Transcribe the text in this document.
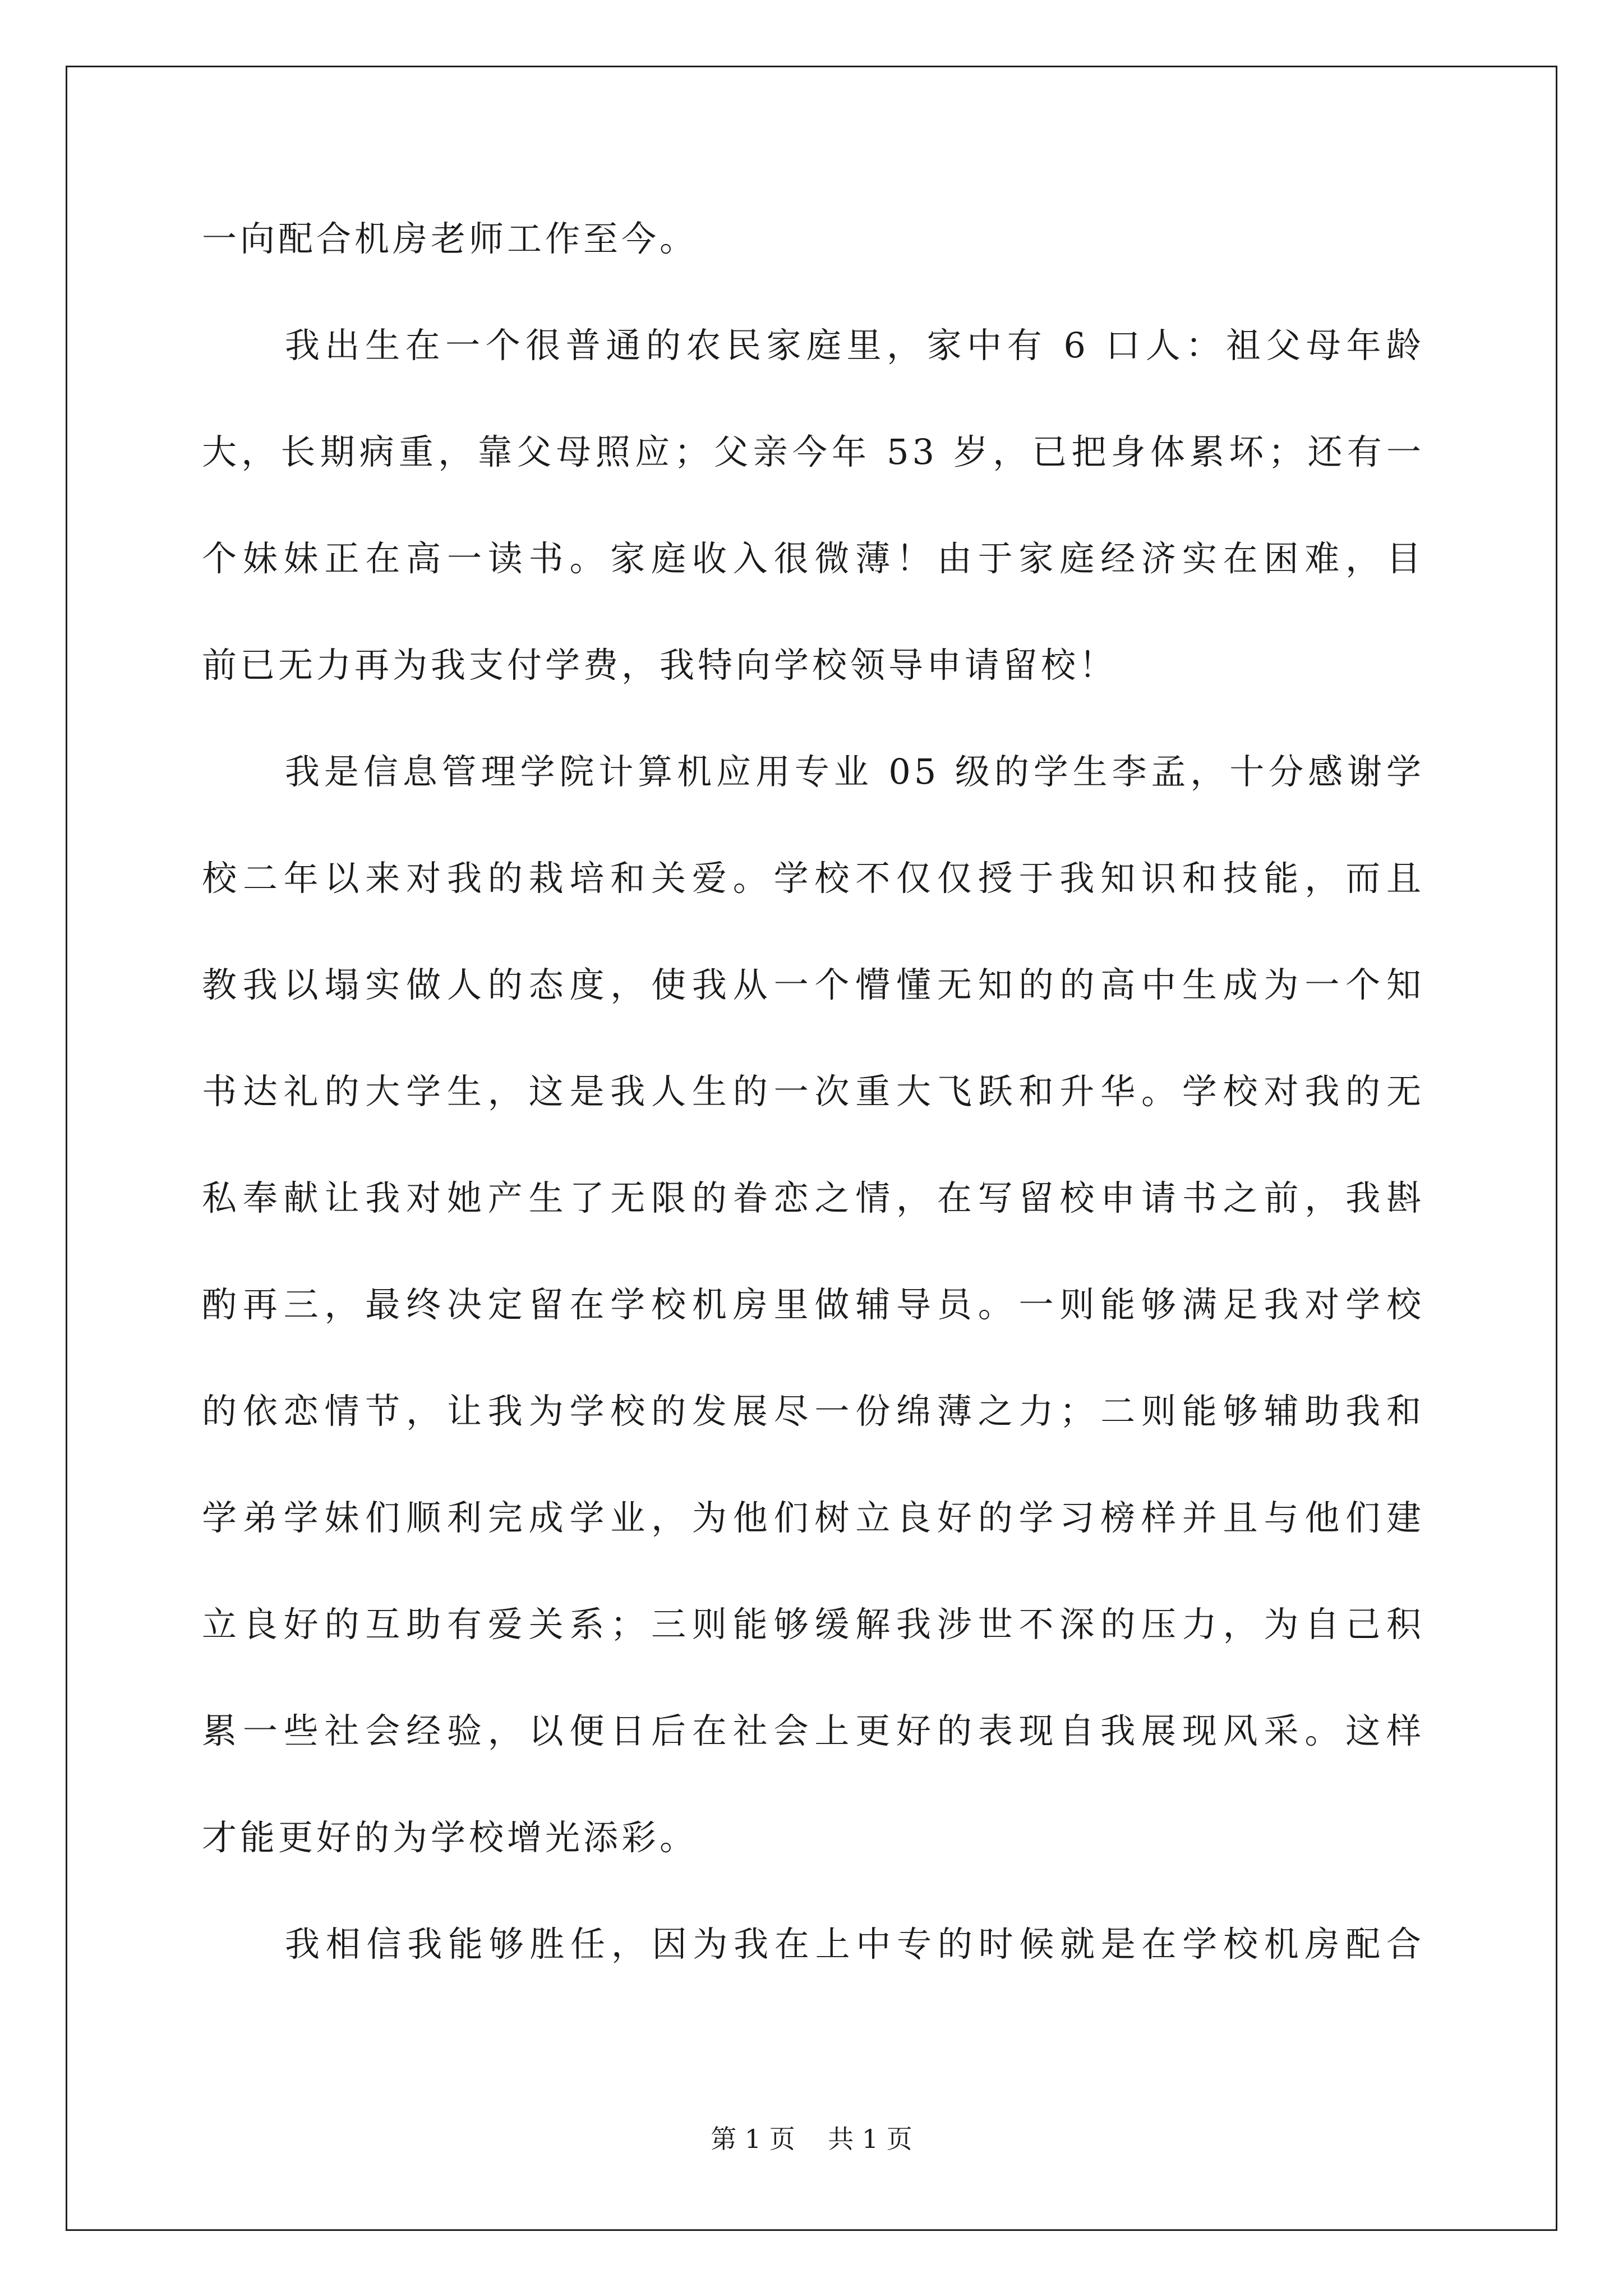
一向配合机房老师工作至今。
我出生在一个很普通的农民家庭里，家中有 6 口人：祖父母年龄
大，长期病重，靠父母照应；父亲今年 53 岁，已把身体累坏；还有一
个妹妹正在高一读书。家庭收入很微薄！由于家庭经济实在困难，目
前已无力再为我支付学费，我特向学校领导申请留校！
我是信息管理学院计算机应用专业 05 级的学生李孟，十分感谢学
校二年以来对我的栽培和关爱。学校不仅仅授于我知识和技能，而且
教我以塌实做人的态度，使我从一个懵懂无知的的高中生成为一个知
书达礼的大学生，这是我人生的一次重大飞跃和升华。学校对我的无
私奉献让我对她产生了无限的眷恋之情，在写留校申请书之前，我斟
酌再三，最终决定留在学校机房里做辅导员。一则能够满足我对学校
的依恋情节，让我为学校的发展尽一份绵薄之力；二则能够辅助我和
学弟学妹们顺利完成学业，为他们树立良好的学习榜样并且与他们建
立良好的互助有爱关系；三则能够缓解我涉世不深的压力，为自己积
累一些社会经验，以便日后在社会上更好的表现自我展现风采。这样
才能更好的为学校增光添彩。
我相信我能够胜任，因为我在上中专的时候就是在学校机房配合
第 1 页    共 1 页
